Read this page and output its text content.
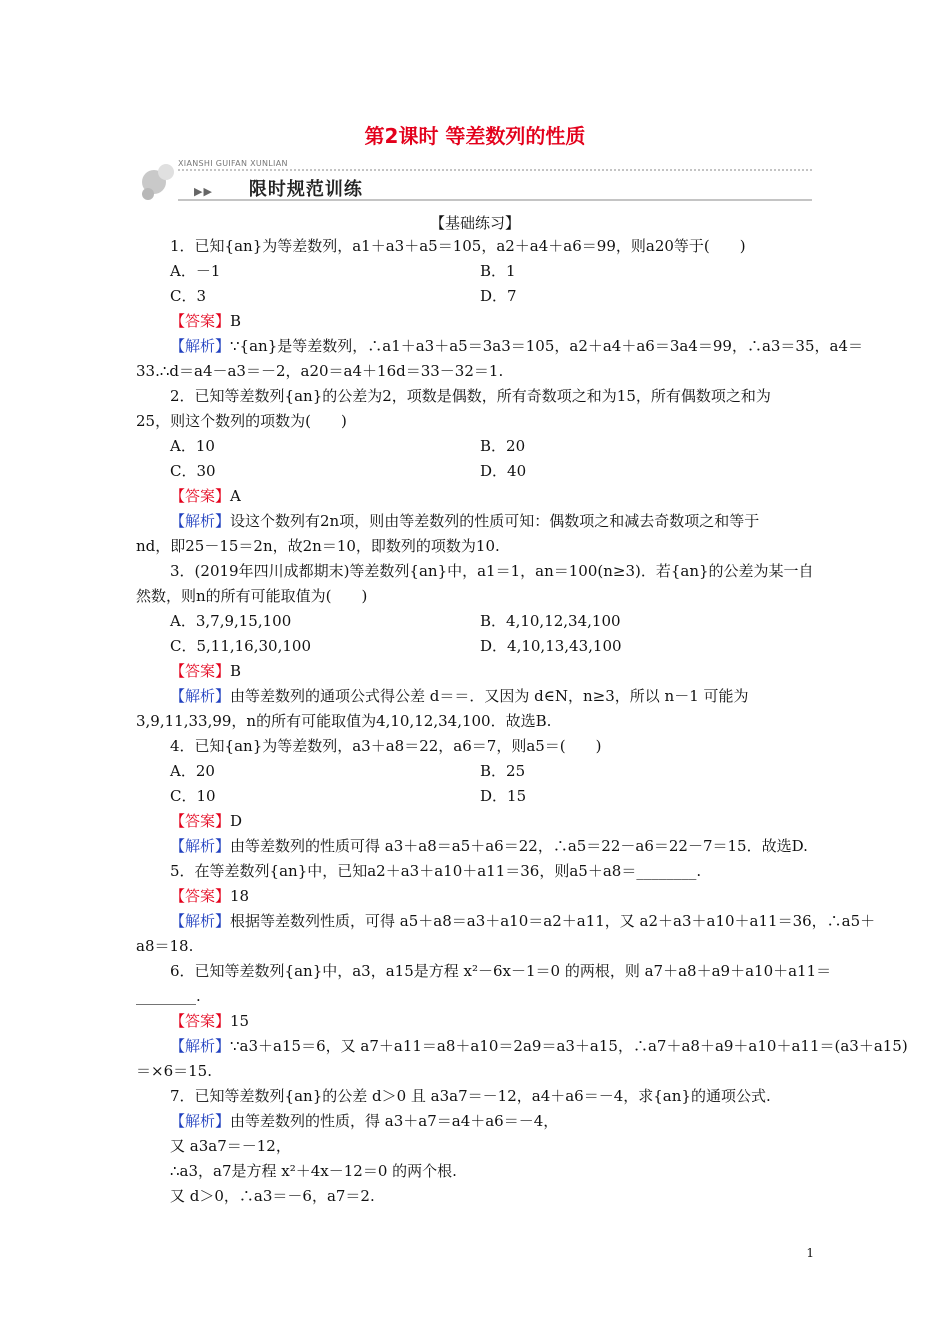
第2课时 等差数列的性质
XIANSHI GUIFAN XUNLIAN
▶▶ 限时规范训练
【基础练习】
1．已知{an}为等差数列，a1＋a3＋a5＝105，a2＋a4＋a6＝99，则a20等于(　　)
A．－1	B．1
C．3	D．7
【答案】B
【解析】∵{an}是等差数列，∴a1＋a3＋a5＝3a3＝105，a2＋a4＋a6＝3a4＝99，∴a3＝35，a4＝
33.∴d＝a4－a3＝－2，a20＝a4＋16d＝33－32＝1.
2．已知等差数列{an}的公差为2，项数是偶数，所有奇数项之和为15，所有偶数项之和为
25，则这个数列的项数为(　　)
A．10	B．20
C．30	D．40
【答案】A
【解析】设这个数列有2n项，则由等差数列的性质可知：偶数项之和减去奇数项之和等于
nd，即25－15＝2n，故2n＝10，即数列的项数为10.
3．(2019年四川成都期末)等差数列{an}中，a1＝1，an＝100(n≥3)．若{an}的公差为某一自
然数，则n的所有可能取值为(　　)
A．3,7,9,15,100	B．4,10,12,34,100
C．5,11,16,30,100	D．4,10,13,43,100
【答案】B
【解析】由等差数列的通项公式得公差 d＝＝．又因为 d∈N，n≥3，所以 n－1 可能为
3,9,11,33,99，n的所有可能取值为4,10,12,34,100．故选B.
4．已知{an}为等差数列，a3＋a8＝22，a6＝7，则a5＝(　　)
A．20	B．25
C．10	D．15
【答案】D
【解析】由等差数列的性质可得 a3＋a8＝a5＋a6＝22，∴a5＝22－a6＝22－7＝15．故选D.
5．在等差数列{an}中，已知a2＋a3＋a10＋a11＝36，则a5＋a8＝________.
【答案】18
【解析】根据等差数列性质，可得 a5＋a8＝a3＋a10＝a2＋a11，又 a2＋a3＋a10＋a11＝36，∴a5＋
a8＝18.
6．已知等差数列{an}中，a3，a15是方程 x²－6x－1＝0 的两根，则 a7＋a8＋a9＋a10＋a11＝
________.
【答案】15
【解析】∵a3＋a15＝6，又 a7＋a11＝a8＋a10＝2a9＝a3＋a15，∴a7＋a8＋a9＋a10＋a11＝(a3＋a15)
＝×6＝15.
7．已知等差数列{an}的公差 d＞0 且 a3a7＝－12，a4＋a6＝－4，求{an}的通项公式.
【解析】由等差数列的性质，得 a3＋a7＝a4＋a6＝－4，
又 a3a7＝－12，
∴a3，a7是方程 x²＋4x－12＝0 的两个根.
又 d＞0，∴a3＝－6，a7＝2.
1
